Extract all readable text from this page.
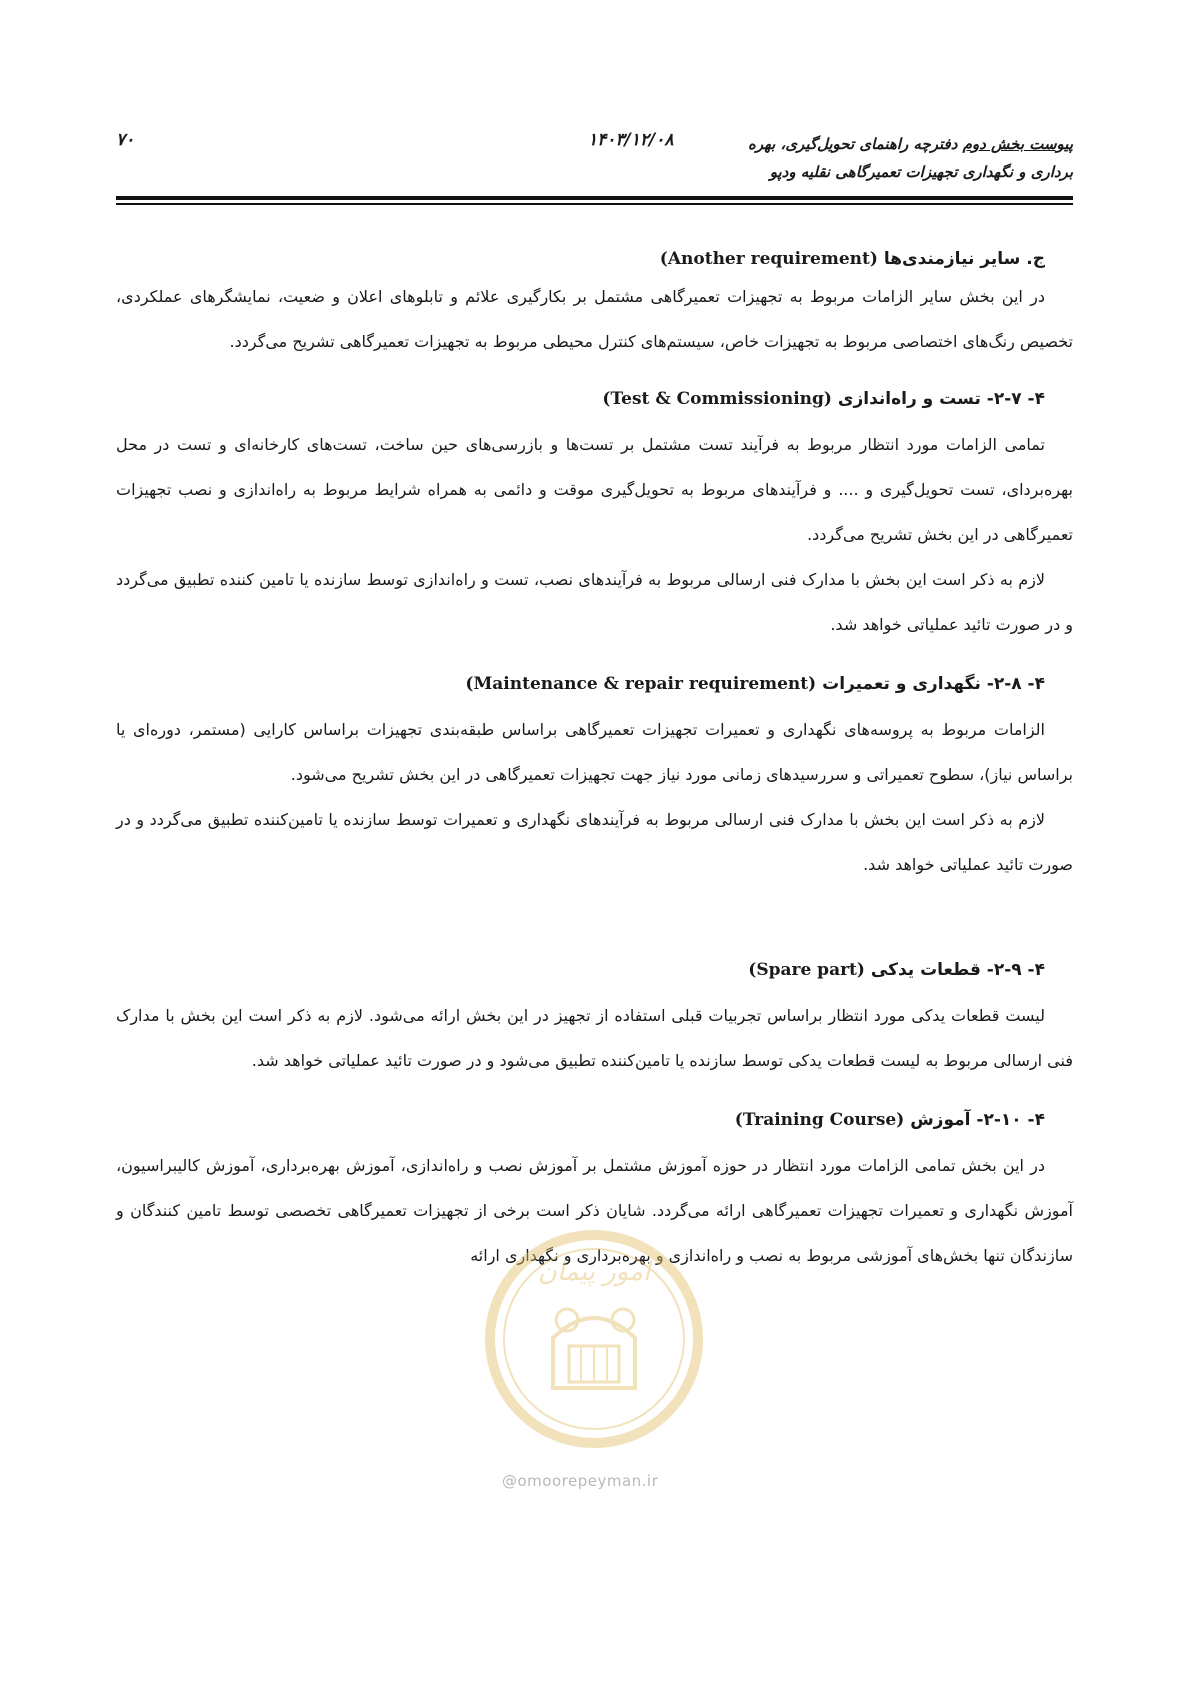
۷۰	۱۴۰۳/۱۲/۰۸	پیوست بخش دوم دفترچه راهنمای تحویل‌گیری، بهره
برداری و نگهداری تجهیزات تعمیرگاهی نقلیه ودپو
ج. سایر نیازمندی‌ها (Another requirement)

در این بخش سایر الزامات مربوط به تجهیزات تعمیرگاهی مشتمل بر بکارگیری علائم و تابلوهای اعلان و ضعیت، نمایشگرهای عملکردی، تخصیص رنگ‌های اختصاصی مربوط به تجهیزات خاص، سیستم‌های کنترل محیطی مربوط به تجهیزات تعمیرگاهی تشریح می‌گردد.

۴- ۲-۷- تست و راه‌اندازی (Test & Commissioning)

تمامی الزامات مورد انتظار مربوط به فرآیند تست مشتمل بر تست‌ها و بازرسی‌های حین ساخت، تست‌های کارخانه‌ای و تست در محل بهره‌بردای، تست تحویل‌گیری و .... و فرآیندهای مربوط به تحویل‌گیری موقت و دائمی به همراه شرایط مربوط به راه‌اندازی و نصب تجهیزات تعمیرگاهی در این بخش تشریح می‌گردد.

لازم به ذکر است این بخش با مدارک فنی ارسالی مربوط به فرآیندهای نصب، تست و راه‌اندازی توسط سازنده یا تامین کننده تطبیق می‌گردد و در صورت تائید عملیاتی خواهد شد.

۴- ۲-۸- نگهداری و تعمیرات (Maintenance & repair requirement)

الزامات مربوط به پروسه‌های نگهداری و تعمیرات تجهیزات تعمیرگاهی براساس طبقه‌بندی تجهیزات براساس کارایی (مستمر، دوره‌ای یا براساس نیاز)، سطوح تعمیراتی و سررسیدهای زمانی مورد نیاز جهت تجهیزات تعمیرگاهی در این بخش تشریح می‌شود.

لازم به ذکر است این بخش با مدارک فنی ارسالی مربوط به فرآیندهای نگهداری و تعمیرات توسط سازنده یا تامین‌کننده تطبیق می‌گردد و در صورت تائید عملیاتی خواهد شد.

۴- ۲-۹- قطعات یدکی (Spare part)

لیست قطعات یدکی مورد انتظار براساس تجربیات قبلی استفاده از تجهیز در این بخش ارائه می‌شود. لازم به ذکر است این بخش با مدارک فنی ارسالی مربوط به لیست قطعات یدکی توسط سازنده یا تامین‌کننده تطبیق می‌شود و در صورت تائید عملیاتی خواهد شد.

۴- ۲-۱۰- آموزش (Training Course)

در این بخش تمامی الزامات مورد انتظار در حوزه آموزش مشتمل بر آموزش نصب و راه‌اندازی، آموزش بهره‌برداری، آموزش کالیبراسیون، آموزش نگهداری و تعمیرات تجهیزات تعمیرگاهی ارائه می‌گردد. شایان ذکر است برخی از تجهیزات تعمیرگاهی تخصصی توسط تامین کنندگان و سازندگان تنها بخش‌های آموزشی مربوط به نصب و راه‌اندازی و بهره‌برداری و نگهداری ارائه

امور پیمان
@omoorepeyman.ir
